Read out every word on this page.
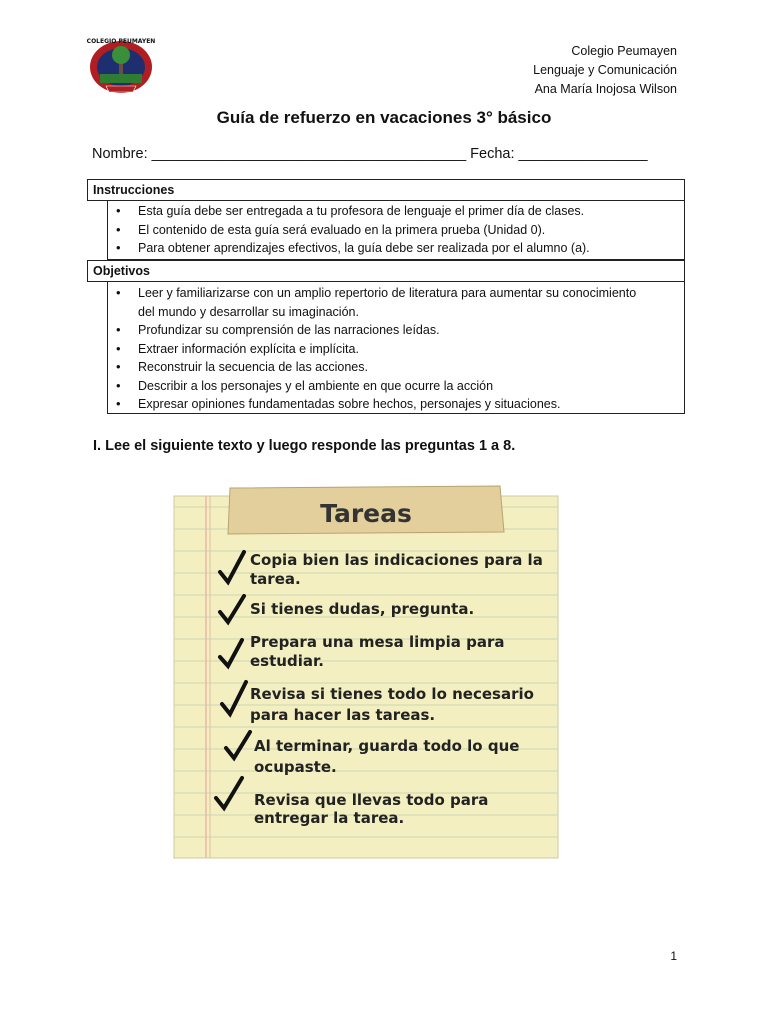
COLEGIO PEUMAYEN
Colegio Peumayen
Lenguaje y Comunicación
Ana María Inojosa Wilson
Guía de refuerzo en vacaciones 3° básico
Nombre: _______________________________________ Fecha: ________________
Instrucciones
• Esta guía debe ser entregada a tu profesora de lenguaje el primer día de clases.
• El contenido de esta guía será evaluado en la primera prueba (Unidad 0).
• Para obtener aprendizajes efectivos, la guía debe ser realizada por el alumno (a).
Objetivos
• Leer y familiarizarse con un amplio repertorio de literatura para aumentar su conocimiento del mundo y desarrollar su imaginación.
• Profundizar su comprensión de las narraciones leídas.
• Extraer información explícita e implícita.
• Reconstruir la secuencia de las acciones.
• Describir a los personajes y el ambiente en que ocurre la acción
• Expresar opiniones fundamentadas sobre hechos, personajes y situaciones.
I. Lee el siguiente texto y luego responde las preguntas 1 a 8.
Tareas
Copia bien las indicaciones para la
tarea.
Si tienes dudas, pregunta.
Prepara una mesa limpia para
estudiar.
Revisa si tienes todo lo necesario
para hacer las tareas.
Al terminar, guarda todo lo que
ocupaste.
Revisa que llevas todo para
entregar la tarea.
1
